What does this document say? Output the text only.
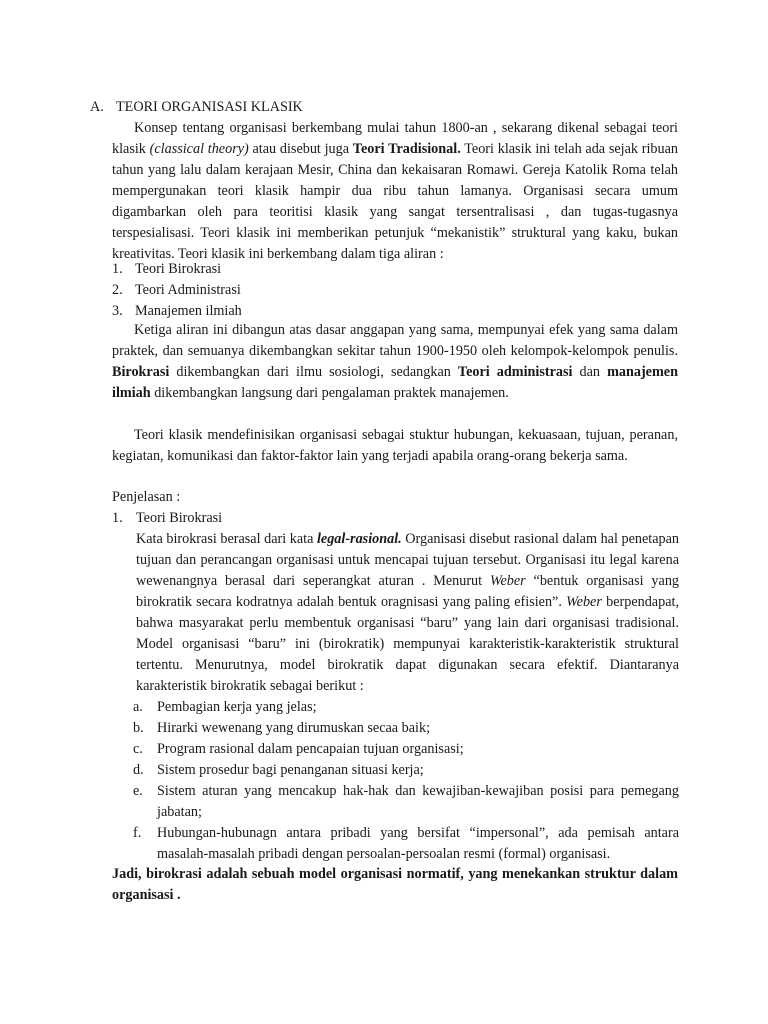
A. TEORI ORGANISASI KLASIK
Konsep tentang organisasi berkembang mulai tahun 1800-an , sekarang dikenal sebagai teori klasik (classical theory) atau disebut juga Teori Tradisional. Teori klasik ini telah ada sejak ribuan tahun yang lalu dalam kerajaan Mesir, China dan kekaisaran Romawi. Gereja Katolik Roma telah mempergunakan teori klasik hampir dua ribu tahun lamanya. Organisasi secara umum digambarkan oleh para teoritisi klasik yang sangat tersentralisasi , dan tugas-tugasnya terspesialisasi. Teori klasik ini memberikan petunjuk “mekanistik” struktural yang kaku, bukan kreativitas. Teori klasik ini berkembang dalam tiga aliran :
1. Teori Birokrasi
2. Teori Administrasi
3. Manajemen ilmiah
Ketiga aliran ini dibangun atas dasar anggapan yang sama, mempunyai efek yang sama dalam praktek, dan semuanya dikembangkan sekitar tahun 1900-1950 oleh kelompok-kelompok penulis. Birokrasi dikembangkan dari ilmu sosiologi, sedangkan Teori administrasi dan manajemen ilmiah dikembangkan langsung dari pengalaman praktek manajemen.
Teori klasik mendefinisikan organisasi sebagai stuktur hubungan, kekuasaan, tujuan, peranan, kegiatan, komunikasi dan faktor-faktor lain yang terjadi apabila orang-orang bekerja sama.
Penjelasan :
1. Teori Birokrasi
Kata birokrasi berasal dari kata legal-rasional. Organisasi disebut rasional dalam hal penetapan tujuan dan perancangan organisasi untuk mencapai tujuan tersebut. Organisasi itu legal karena wewenangnya berasal dari seperangkat aturan . Menurut Weber “bentuk organisasi yang birokratik secara kodratnya adalah bentuk oragnisasi yang paling efisien”. Weber berpendapat, bahwa masyarakat perlu membentuk organisasi “baru” yang lain dari organisasi tradisional. Model organisasi “baru” ini (birokratik) mempunyai karakteristik-karakteristik struktural tertentu. Menurutnya, model birokratik dapat digunakan secara efektif. Diantaranya karakteristik birokratik sebagai berikut :
a. Pembagian kerja yang jelas;
b. Hirarki wewenang yang dirumuskan secaa baik;
c. Program rasional dalam pencapaian tujuan organisasi;
d. Sistem prosedur bagi penanganan situasi kerja;
e. Sistem aturan yang mencakup hak-hak dan kewajiban-kewajiban posisi para pemegang jabatan;
f. Hubungan-hubunagn antara pribadi yang bersifat “impersonal”, ada pemisah antara masalah-masalah pribadi dengan persoalan-persoalan resmi (formal) organisasi.
Jadi, birokrasi adalah sebuah model organisasi normatif, yang menekankan struktur dalam organisasi .
